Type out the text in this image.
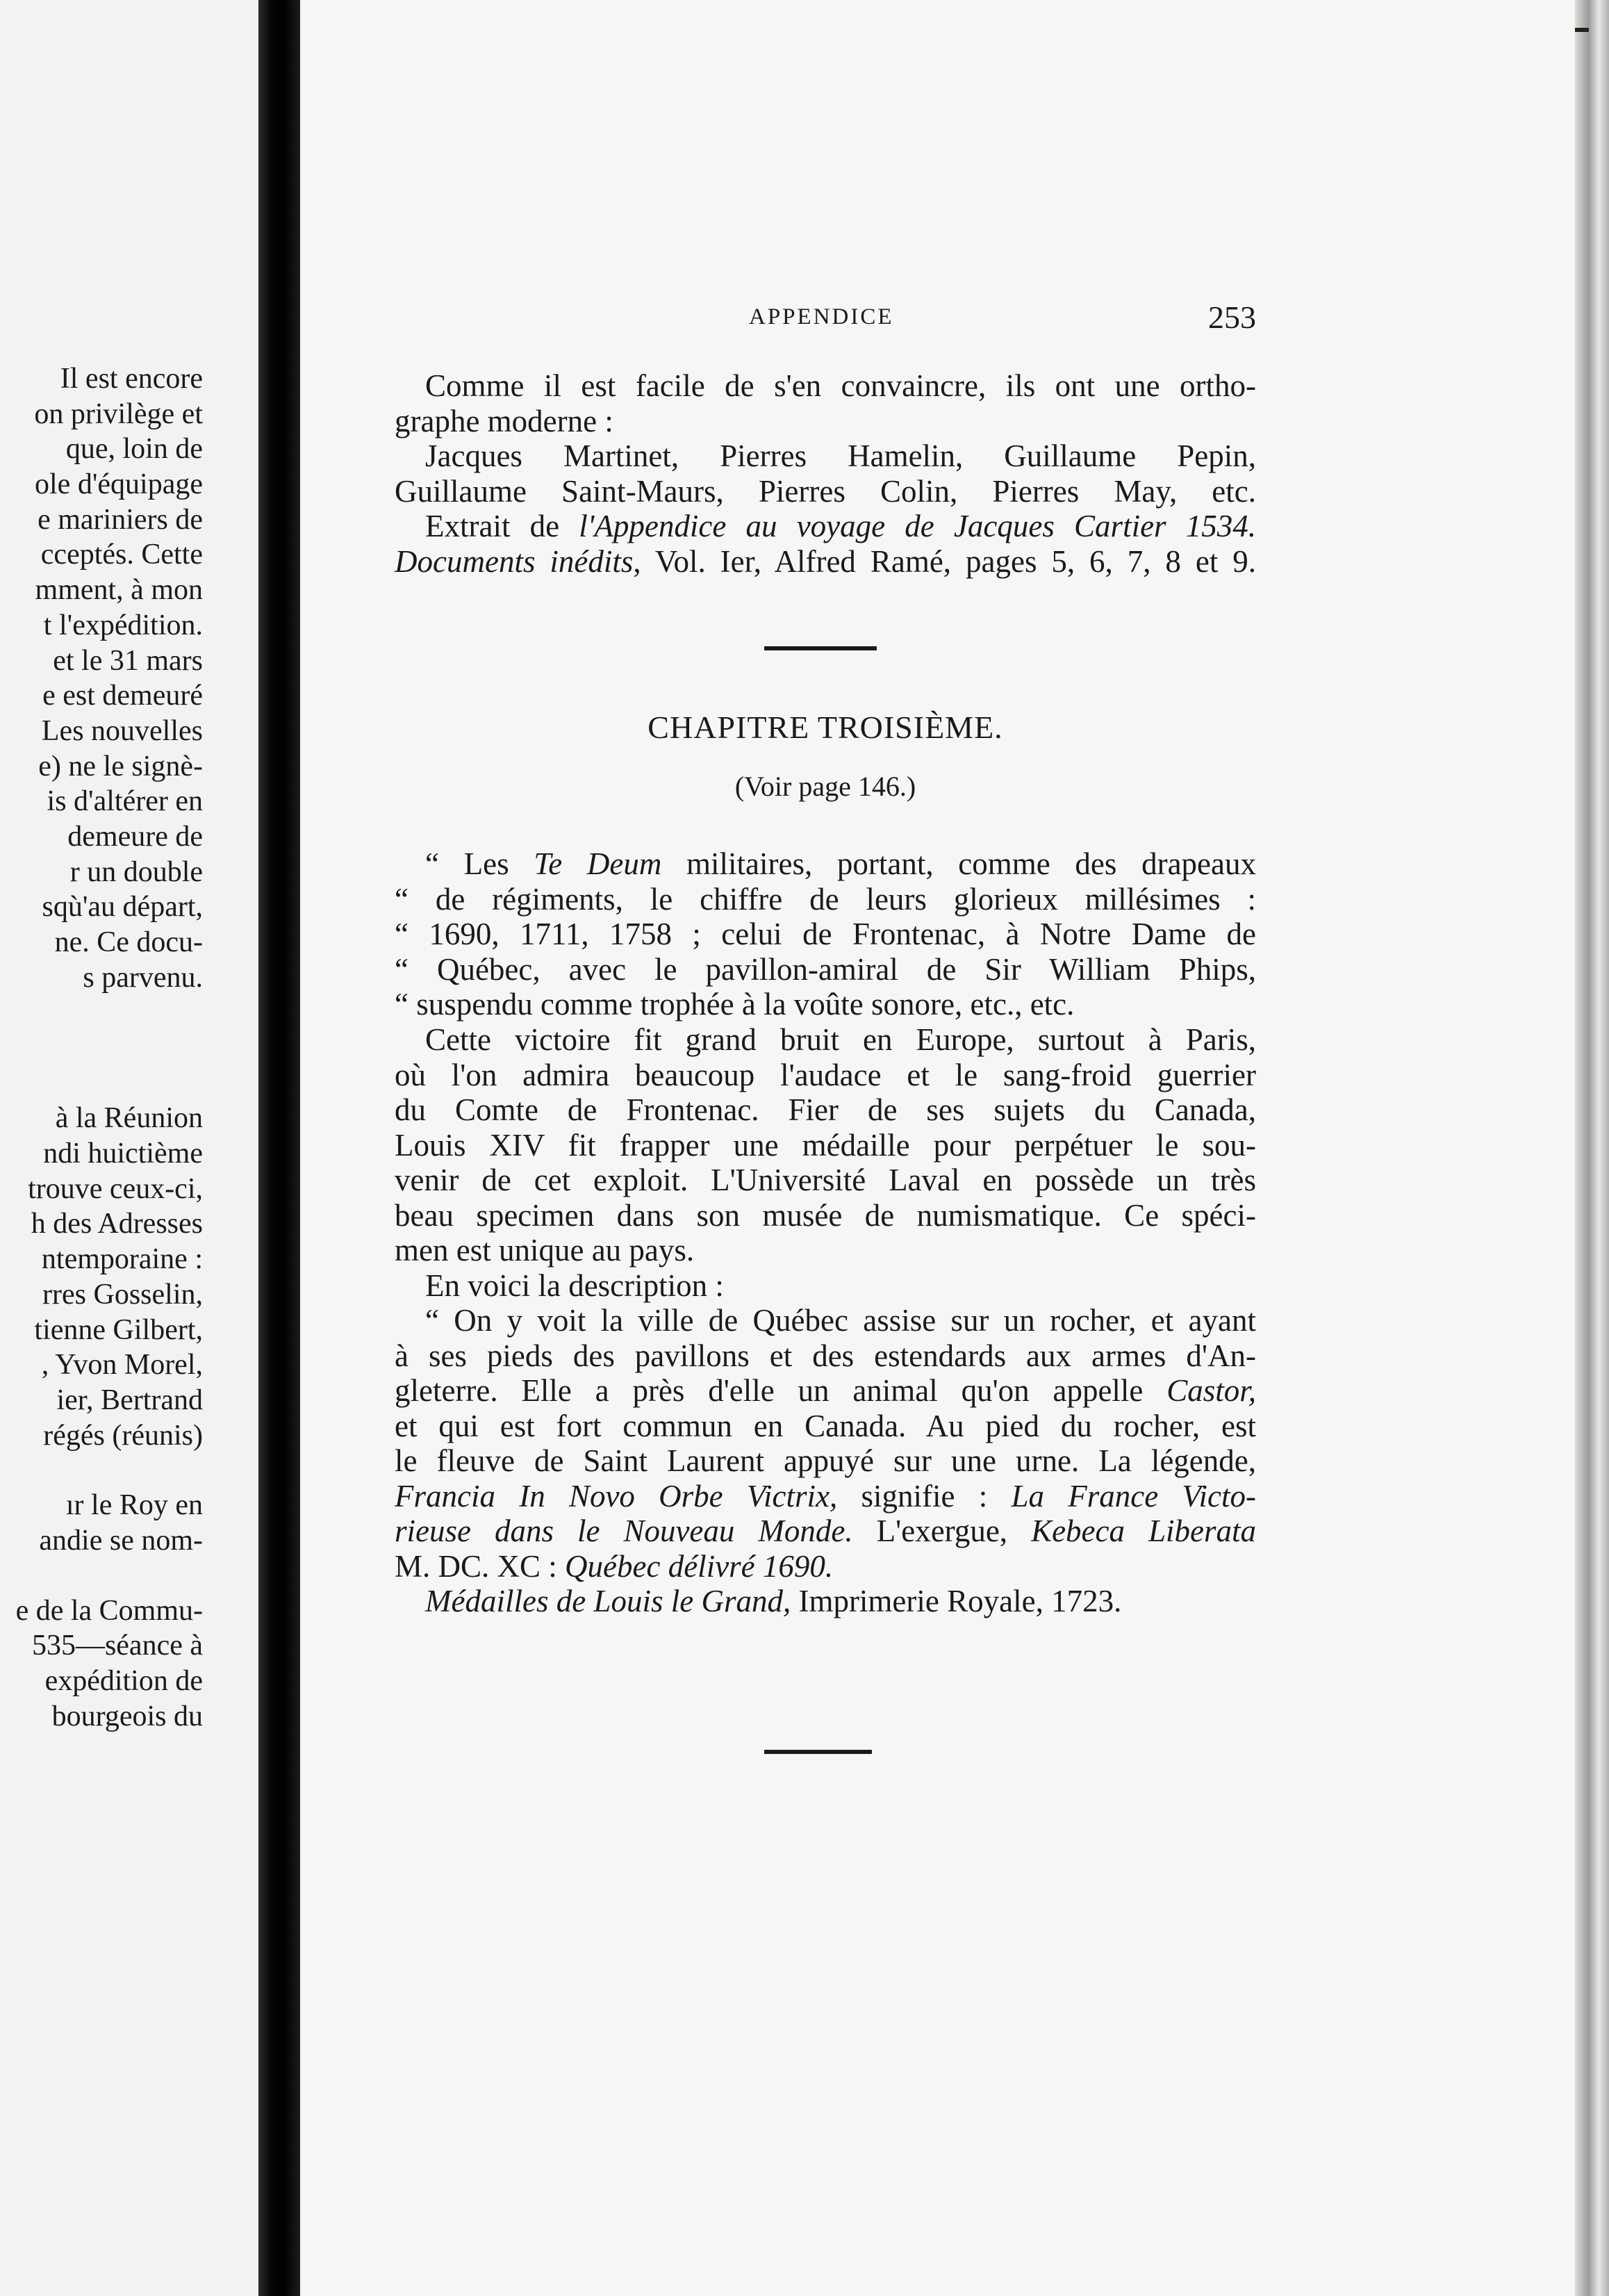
Il est encore
on privilège et
que, loin de
ole d'équipage
e mariniers de
cceptés. Cette
mment, à mon
t l'expédition.
et le 31 mars
e est demeuré
Les nouvelles
e) ne le signè-
is d'altérer en
demeure de
r un double
sqù'au départ,
ne. Ce docu-
s parvenu.
à la Réunion
ndi huictième
trouve ceux-ci,
h des Adresses
ntemporaine :
rres Gosselin,
tienne Gilbert,
, Yvon Morel,
ier, Bertrand
régés (réunis)
ır le Roy en
andie se nom-
e de la Commu-
535—séance à
expédition de
bourgeois du
APPENDICE	253
Comme il est facile de s'en convaincre, ils ont une ortho-
graphe moderne :
Jacques Martinet, Pierres Hamelin, Guillaume Pepin,
Guillaume Saint-Maurs, Pierres Colin, Pierres May, etc.
Extrait de l'Appendice au voyage de Jacques Cartier 1534.
Documents inédits, Vol. Ier, Alfred Ramé, pages 5, 6, 7, 8 et 9.
CHAPITRE TROISIÈME.
(Voir page 146.)
“ Les Te Deum militaires, portant, comme des drapeaux
“ de régiments, le chiffre de leurs glorieux millésimes :
“ 1690, 1711, 1758 ; celui de Frontenac, à Notre Dame de
“ Québec, avec le pavillon-amiral de Sir William Phips,
“ suspendu comme trophée à la voûte sonore, etc., etc.
Cette victoire fit grand bruit en Europe, surtout à Paris,
où l'on admira beaucoup l'audace et le sang-froid guerrier
du Comte de Frontenac. Fier de ses sujets du Canada,
Louis XIV fit frapper une médaille pour perpétuer le sou-
venir de cet exploit. L'Université Laval en possède un très
beau specimen dans son musée de numismatique. Ce spéci-
men est unique au pays.
En voici la description :
“ On y voit la ville de Québec assise sur un rocher, et ayant
à ses pieds des pavillons et des estendards aux armes d'An-
gleterre. Elle a près d'elle un animal qu'on appelle Castor,
et qui est fort commun en Canada. Au pied du rocher, est
le fleuve de Saint Laurent appuyé sur une urne. La légende,
Francia In Novo Orbe Victrix, signifie : La France Victo-
rieuse dans le Nouveau Monde. L'exergue, Kebeca Liberata
M. DC. XC : Québec délivré 1690.
Médailles de Louis le Grand, Imprimerie Royale, 1723.
